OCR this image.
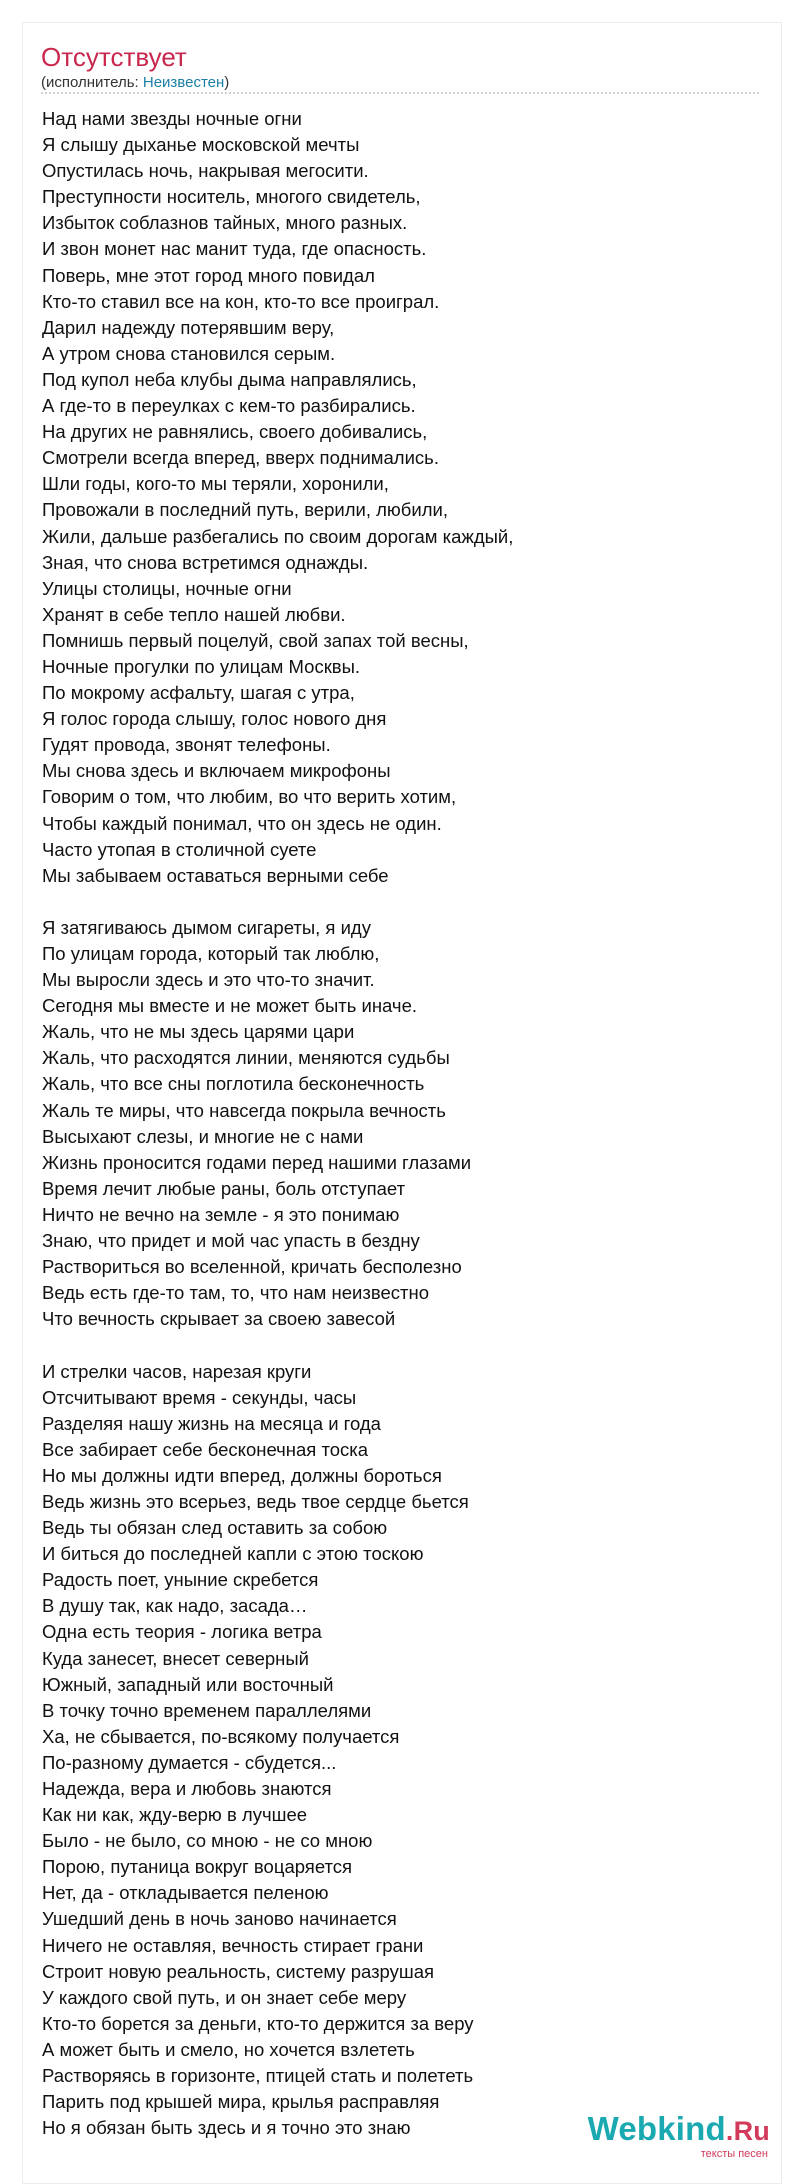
Отсутствует
(исполнитель: Неизвестен)
Над нами звезды ночные огни
Я слышу дыханье московской мечты
Опустилась ночь, накрывая мегосити.
Преступности носитель, многого свидетель,
Избыток соблазнов тайных, много разных.
И звон монет нас манит туда, где опасность.
Поверь, мне этот город много повидал
Кто-то ставил все на кон, кто-то все проиграл.
Дарил надежду потерявшим веру,
А утром снова становился серым.
Под купол неба клубы дыма направлялись,
А где-то в переулках с кем-то разбирались.
На других не равнялись, своего добивались,
Смотрели всегда вперед, вверх поднимались.
Шли годы, кого-то мы теряли, хоронили,
Провожали в последний путь, верили, любили,
Жили, дальше разбегались по своим дорогам каждый,
Зная, что снова встретимся однажды.
Улицы столицы, ночные огни
Хранят в себе тепло нашей любви.
Помнишь первый поцелуй, свой запах той весны,
Ночные прогулки по улицам Москвы.
По мокрому асфальту, шагая с утра,
Я голос города слышу, голос нового дня
Гудят провода, звонят телефоны.
Мы снова здесь и включаем микрофоны
Говорим о том, что любим, во что верить хотим,
Чтобы каждый понимал, что он здесь не один.
Часто утопая в столичной суете
Мы забываем оставаться верными себе
Я затягиваюсь дымом сигареты, я иду
По улицам города, который так люблю,
Мы выросли здесь и это что-то значит.
Сегодня мы вместе и не может быть иначе.
Жаль, что не мы здесь царями цари
Жаль, что расходятся линии, меняются судьбы
Жаль, что все сны поглотила бесконечность
Жаль те миры, что навсегда покрыла вечность
Высыхают слезы, и многие не с нами
Жизнь проносится годами перед нашими глазами
Время лечит любые раны, боль отступает
Ничто не вечно на земле - я это понимаю
Знаю, что придет и мой час упасть в бездну
Раствориться во вселенной, кричать бесполезно
Ведь есть где-то там, то, что нам неизвестно
Что вечность скрывает за своею завесой
И стрелки часов, нарезая круги
Отсчитывают время - секунды, часы
Разделяя нашу жизнь на месяца и года
Все забирает себе бесконечная тоска
Но мы должны идти вперед, должны бороться
Ведь жизнь это всерьез, ведь твое сердце бьется
Ведь ты обязан след оставить за собою
И биться до последней капли с этою тоскою
Радость поет, уныние скребется
В душу так, как надо, засада…
Одна есть теория - логика ветра
Куда занесет, внесет северный
Южный, западный или восточный
В точку точно временем параллелями
Ха, не сбывается, по-всякому получается
По-разному думается - сбудется...
Надежда, вера и любовь знаются
Как ни как, жду-верю в лучшее
Было - не было, со мною - не со мною
Порою, путаница вокруг воцаряется
Нет, да - откладывается пеленою
Ушедший день в ночь заново начинается
Ничего не оставляя, вечность стирает грани
Строит новую реальность, систему разрушая
У каждого свой путь, и он знает себе меру
Кто-то борется за деньги, кто-то держится за веру
А может быть и смело, но хочется взлететь
Растворяясь в горизонте, птицей стать и полететь
Парить под крышей мира, крылья расправляя
Но я обязан быть здесь и я точно это знаю	Webkind.Ru
тексты песен
